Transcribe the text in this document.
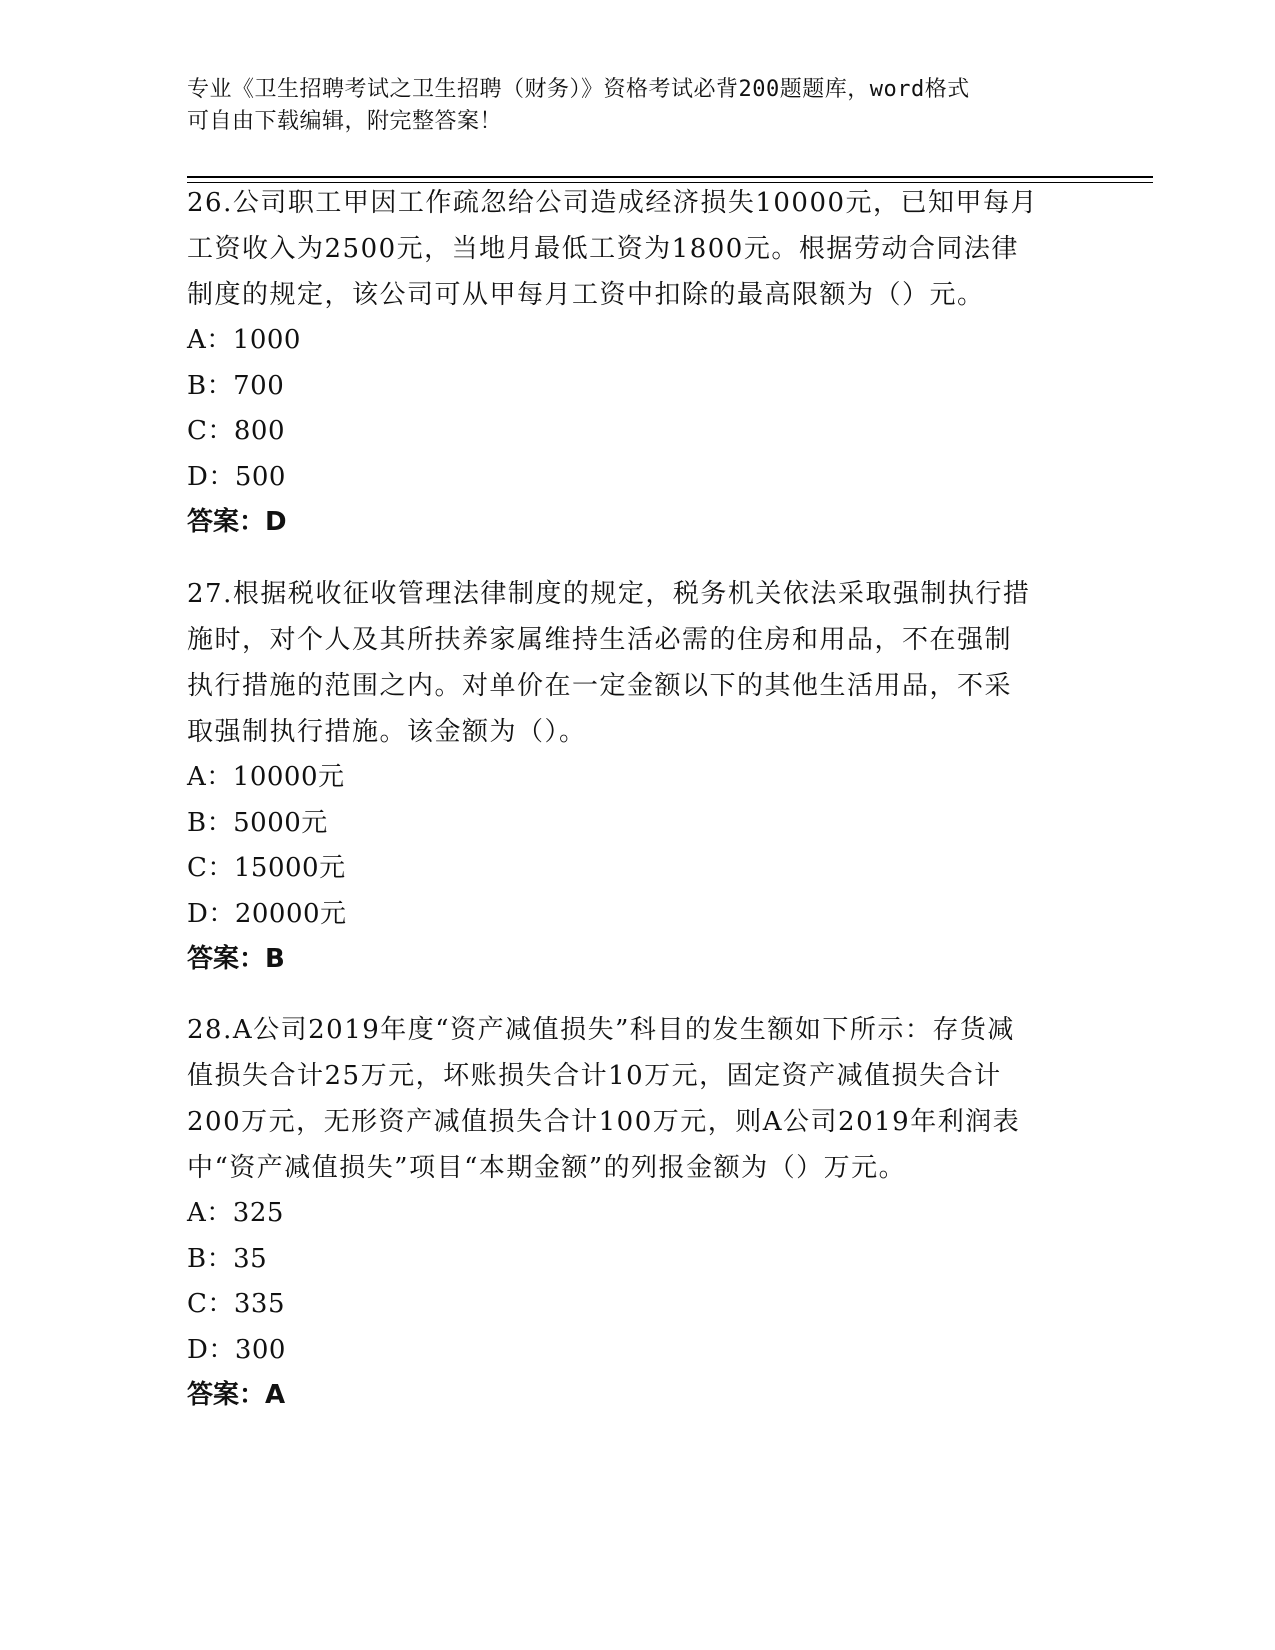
专业《卫生招聘考试之卫生招聘（财务）》资格考试必背200题题库，word格式
可自由下载编辑，附完整答案！
26.公司职工甲因工作疏忽给公司造成经济损失10000元，已知甲每月
工资收入为2500元，当地月最低工资为1800元。根据劳动合同法律
制度的规定，该公司可从甲每月工资中扣除的最高限额为（）元。
A：1000
B：700
C：800
D：500
答案：D
27.根据税收征收管理法律制度的规定，税务机关依法采取强制执行措
施时，对个人及其所扶养家属维持生活必需的住房和用品，不在强制
执行措施的范围之内。对单价在一定金额以下的其他生活用品，不采
取强制执行措施。该金额为（）。
A：10000元
B：5000元
C：15000元
D：20000元
答案：B
28.A公司2019年度“资产减值损失”科目的发生额如下所示：存货减
值损失合计25万元，坏账损失合计10万元，固定资产减值损失合计
200万元，无形资产减值损失合计100万元，则A公司2019年利润表
中“资产减值损失”项目“本期金额”的列报金额为（）万元。
A：325
B：35
C：335
D：300
答案：A
